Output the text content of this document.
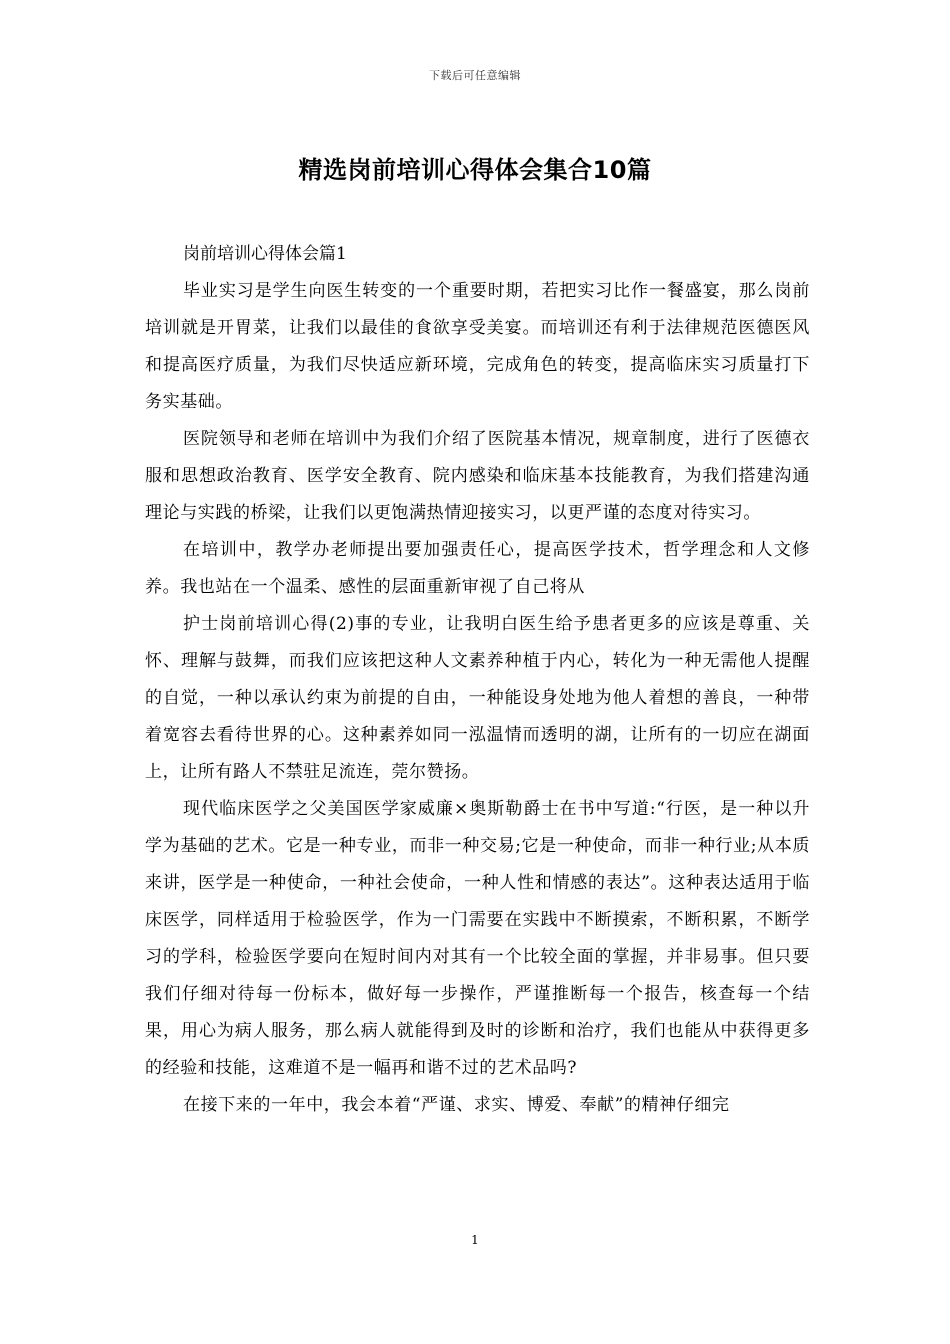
下载后可任意编辑
精选岗前培训心得体会集合10篇

岗前培训心得体会篇1

毕业实习是学生向医生转变的一个重要时期，若把实习比作一餐盛宴，那么岗前培训就是开胃菜，让我们以最佳的食欲享受美宴。而培训还有利于法律规范医德医风和提高医疗质量，为我们尽快适应新环境，完成角色的转变，提高临床实习质量打下务实基础。

医院领导和老师在培训中为我们介绍了医院基本情况，规章制度，进行了医德衣服和思想政治教育、医学安全教育、院内感染和临床基本技能教育，为我们搭建沟通理论与实践的桥梁，让我们以更饱满热情迎接实习，以更严谨的态度对待实习。

在培训中，教学办老师提出要加强责任心，提高医学技术，哲学理念和人文修养。我也站在一个温柔、感性的层面重新审视了自己将从

护士岗前培训心得(2)事的专业，让我明白医生给予患者更多的应该是尊重、关怀、理解与鼓舞，而我们应该把这种人文素养种植于内心，转化为一种无需他人提醒的自觉，一种以承认约束为前提的自由，一种能设身处地为他人着想的善良，一种带着宽容去看待世界的心。这种素养如同一泓温情而透明的湖，让所有的一切应在湖面上，让所有路人不禁驻足流连，莞尔赞扬。

现代临床医学之父美国医学家威廉×奥斯勒爵士在书中写道:“行医，是一种以升学为基础的艺术。它是一种专业，而非一种交易;它是一种使命，而非一种行业;从本质来讲，医学是一种使命，一种社会使命，一种人性和情感的表达”。这种表达适用于临床医学，同样适用于检验医学，作为一门需要在实践中不断摸索，不断积累，不断学习的学科，检验医学要向在短时间内对其有一个比较全面的掌握，并非易事。但只要我们仔细对待每一份标本，做好每一步操作，严谨推断每一个报告，核查每一个结果，用心为病人服务，那么病人就能得到及时的诊断和治疗，我们也能从中获得更多的经验和技能，这难道不是一幅再和谐不过的艺术品吗?

在接下来的一年中，我会本着“严谨、求实、博爱、奉献”的精神仔细完

1
